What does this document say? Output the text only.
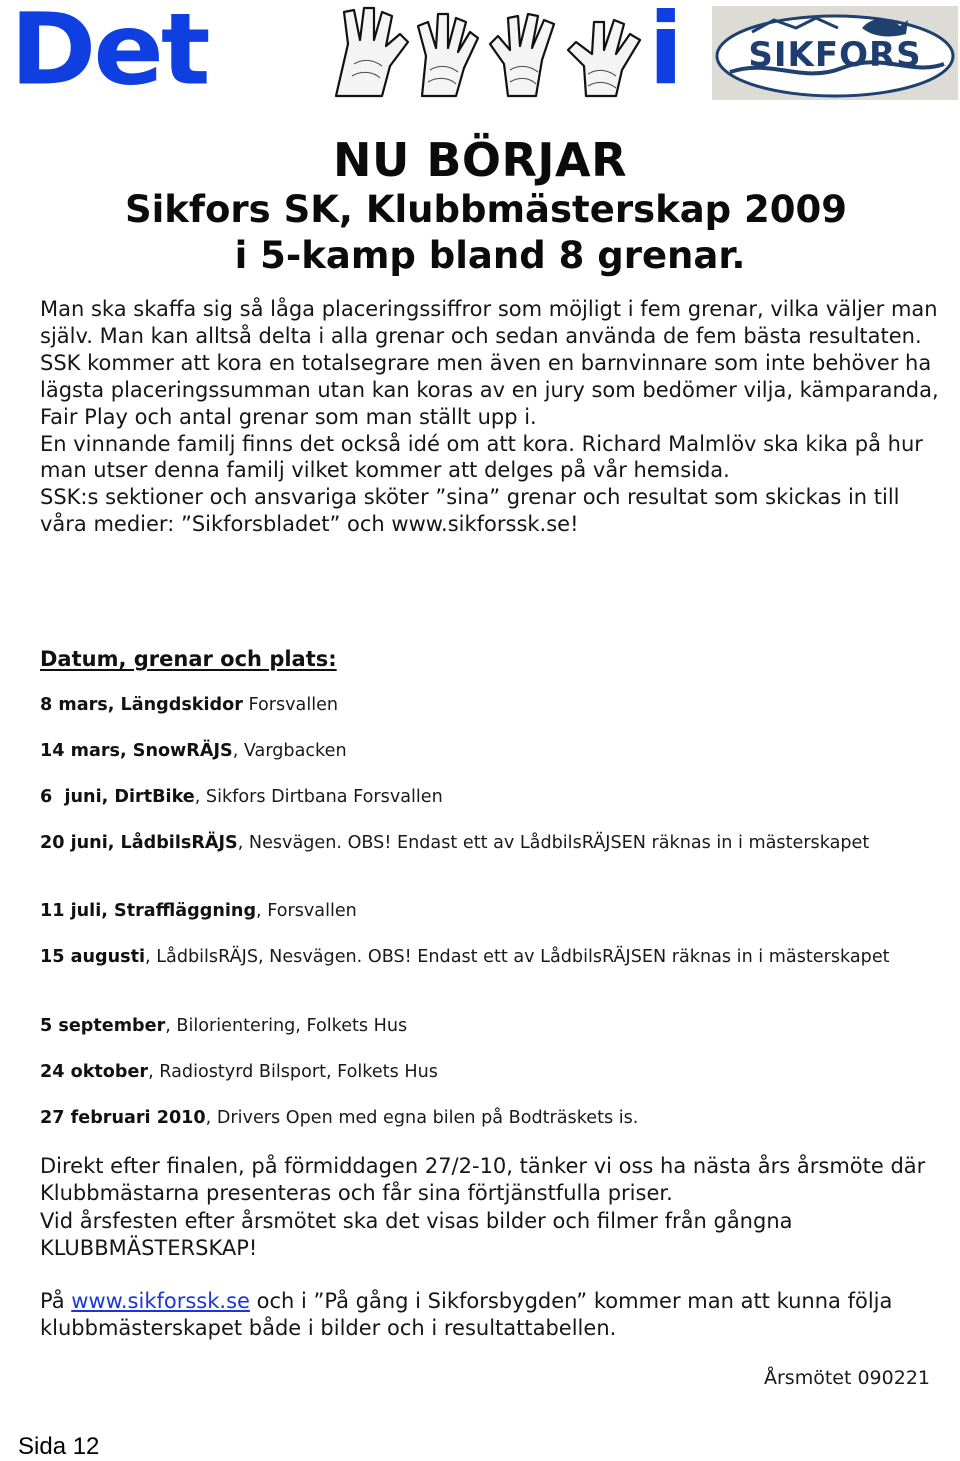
Det	i SIKFORS
NU BÖRJAR
Sikfors SK, Klubbmästerskap 2009
i 5-kamp bland 8 grenar.

Man ska skaffa sig så låga placeringssiffror som möjligt i fem grenar, vilka väljer man själv. Man kan alltså delta i alla grenar och sedan använda de fem bästa resultaten.

SSK kommer att kora en totalsegrare men även en barnvinnare som inte behöver ha lägsta placeringssumman utan kan koras av en jury som bedömer vilja, kämparanda, Fair Play och antal grenar som man ställt upp i.

En vinnande familj finns det också idé om att kora. Richard Malmlöv ska kika på hur man utser denna familj vilket kommer att delges på vår hemsida.

SSK:s sektioner och ansvariga sköter ”sina” grenar och resultat som skickas in till våra medier: ”Sikforsbladet” och www.sikforssk.se!

Datum, grenar och plats:
8 mars, Längdskidor Forsvallen
14 mars, SnowRÄJS, Vargbacken
6  juni, DirtBike, Sikfors Dirtbana Forsvallen
20 juni, LådbilsRÄJS, Nesvägen. OBS! Endast ett av LådbilsRÄJSEN räknas in i mästerskapet
11 juli, Straffläggning, Forsvallen
15 augusti, LådbilsRÄJS, Nesvägen. OBS! Endast ett av LådbilsRÄJSEN räknas in i mästerskapet
5 september, Bilorientering, Folkets Hus
24 oktober, Radiostyrd Bilsport, Folkets Hus
27 februari 2010, Drivers Open med egna bilen på Bodträskets is.

Direkt efter finalen, på förmiddagen 27/2-10, tänker vi oss ha nästa års årsmöte där Klubbmästarna presenteras och får sina förtjänstfulla priser.

Vid årsfesten efter årsmötet ska det visas bilder och filmer från gångna KLUBBMÄSTERSKAP!

På www.sikforssk.se och i ”På gång i Sikforsbygden” kommer man att kunna följa klubbmästerskapet både i bilder och i resultattabellen.
Årsmötet 090221
Sida 12
